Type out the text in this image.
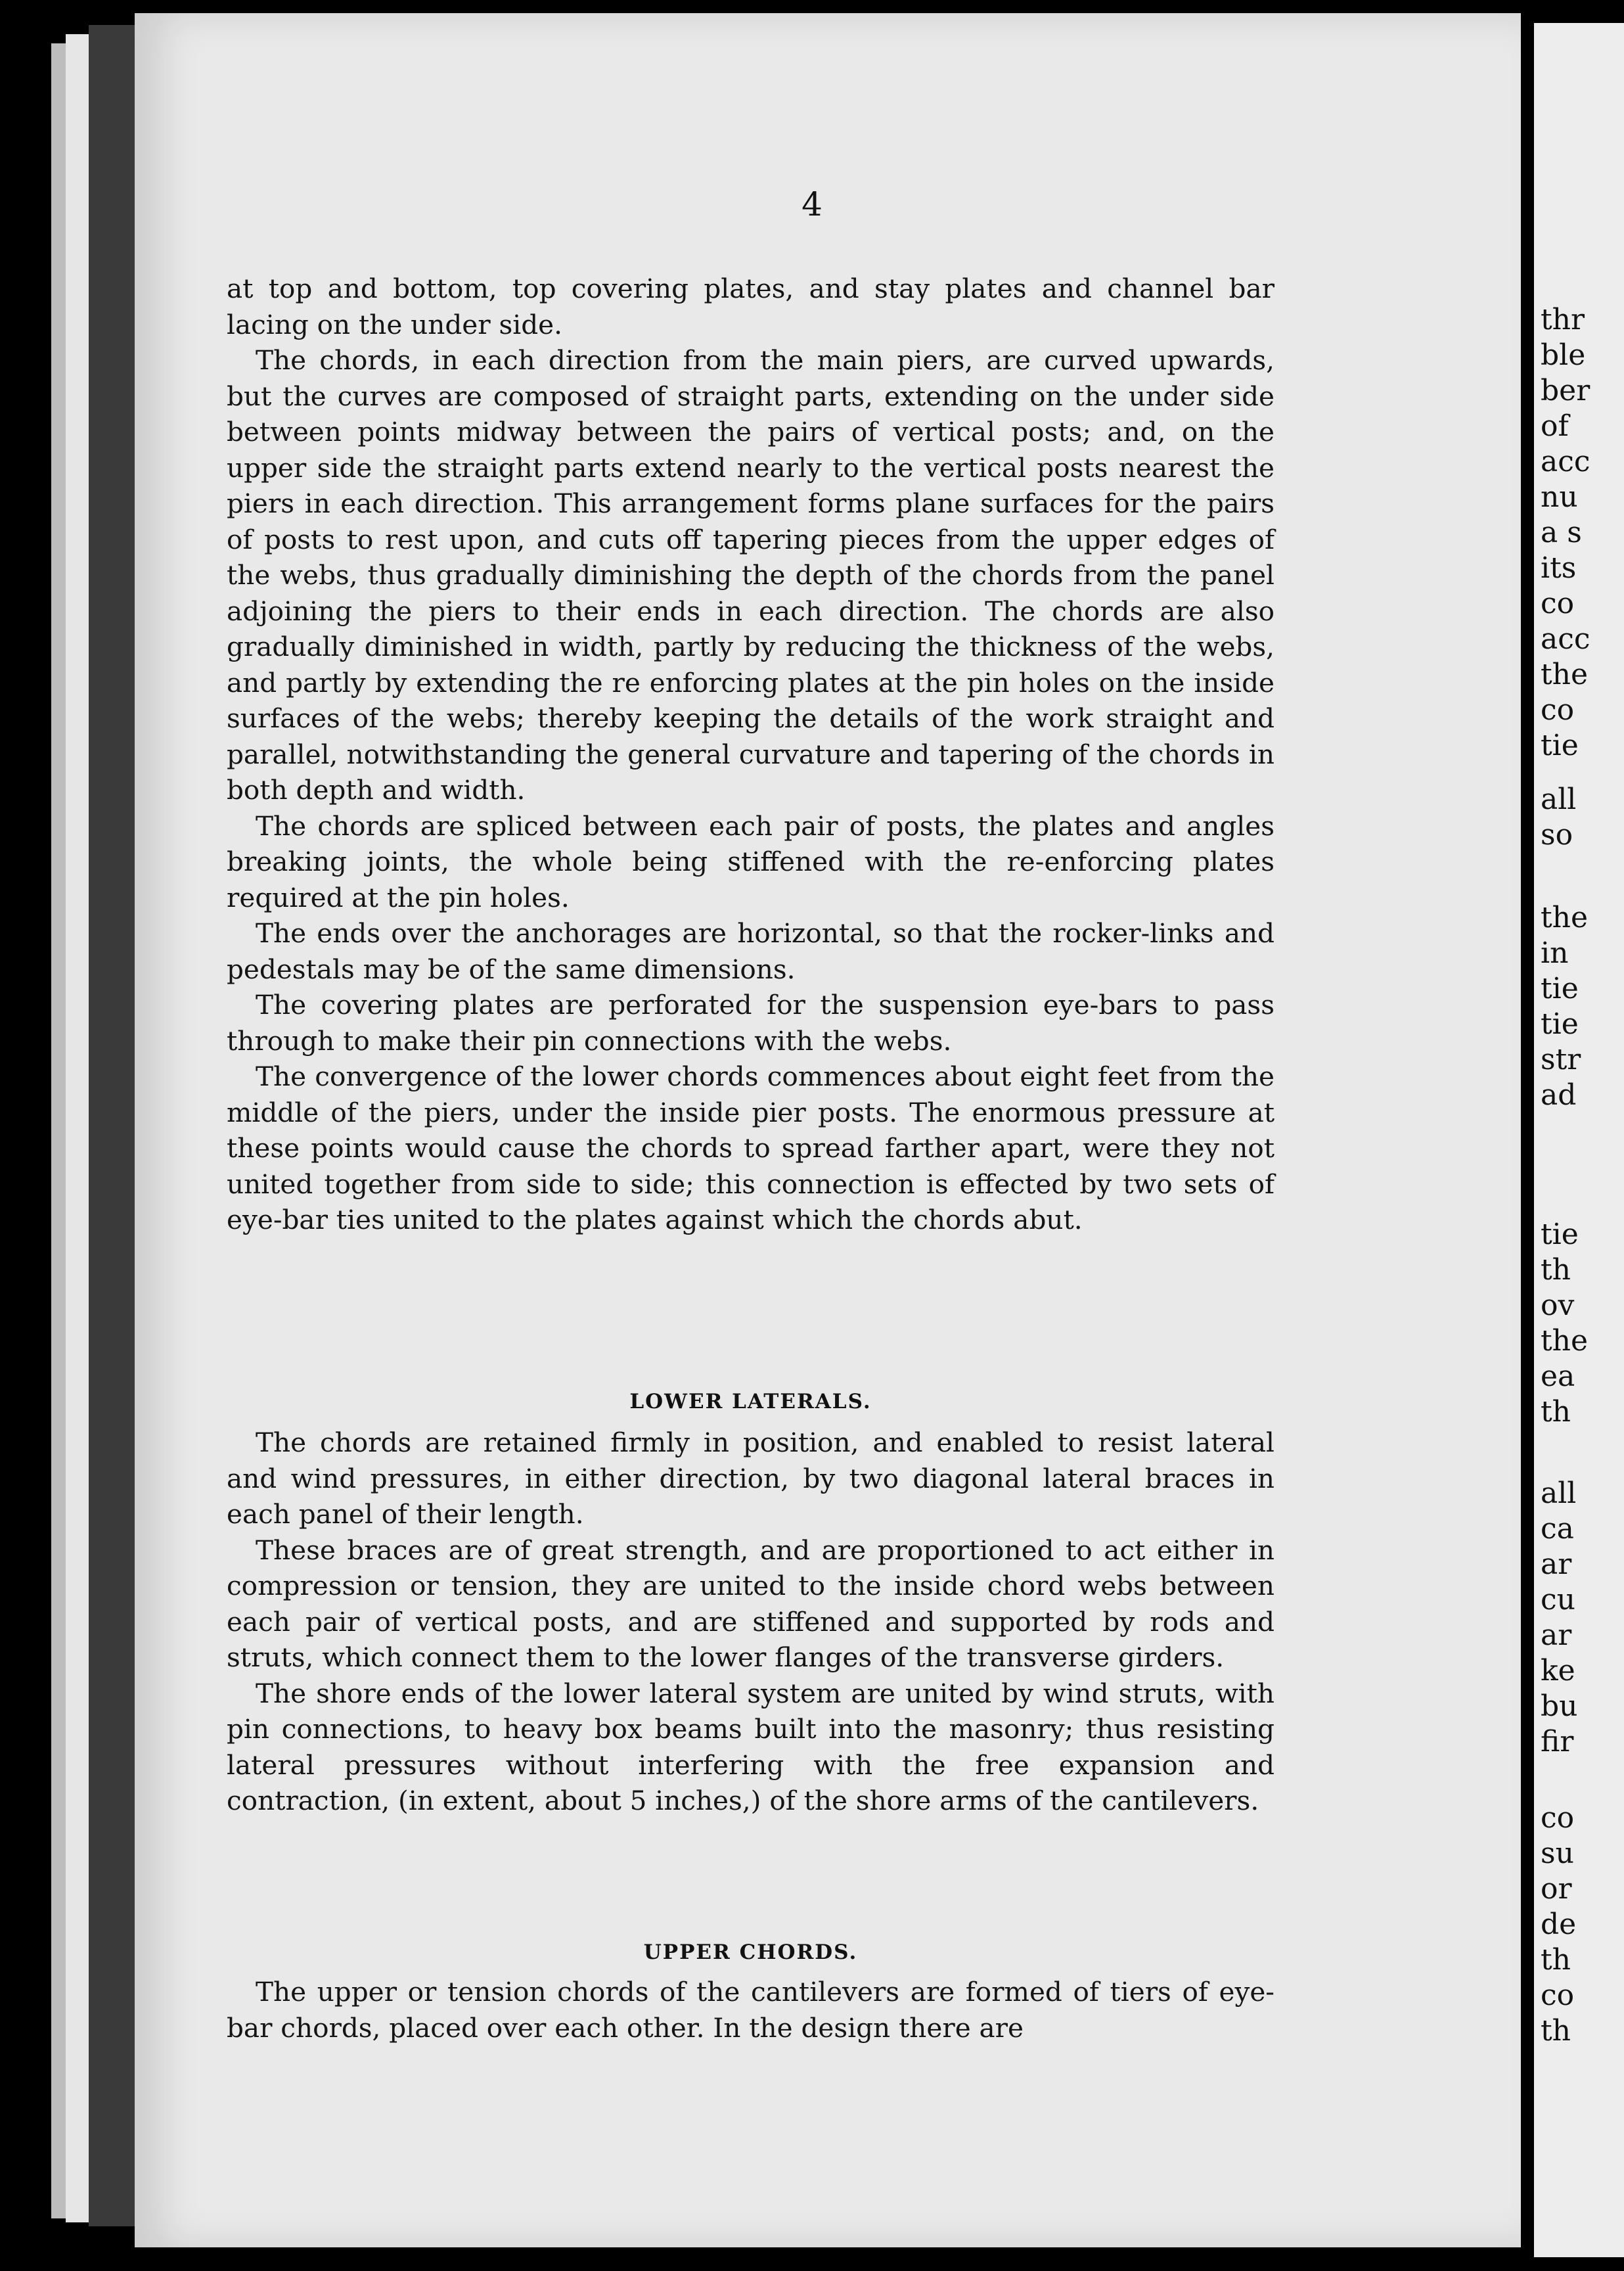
thr
ble
ber
of
acc
nu
a s
its
co
acc
the
co
tie
all
so
the
in
tie
tie
str
ad
tie
th
ov
the
ea
th
all
ca
ar
cu
ar
ke
bu
fir
co
su
or
de
th
co
th
4

at top and bottom, top covering plates, and stay plates and channel bar lacing on the under side.

The chords, in each direction from the main piers, are curved upwards, but the curves are composed of straight parts, extending on the under side between points midway between the pairs of vertical posts; and, on the upper side the straight parts extend nearly to the vertical posts nearest the piers in each direction. This arrangement forms plane surfaces for the pairs of posts to rest upon, and cuts off tapering pieces from the upper edges of the webs, thus gradually diminishing the depth of the chords from the panel adjoining the piers to their ends in each direction. The chords are also gradually diminished in width, partly by reducing the thickness of the webs, and partly by extending the re enforcing plates at the pin holes on the inside surfaces of the webs; thereby keeping the details of the work straight and parallel, notwithstanding the general curvature and tapering of the chords in both depth and width.

The chords are spliced between each pair of posts, the plates and angles breaking joints, the whole being stiffened with the re-enforcing plates required at the pin holes.

The ends over the anchorages are horizontal, so that the rocker-links and pedestals may be of the same dimensions.

The covering plates are perforated for the suspension eye-bars to pass through to make their pin connections with the webs.

The convergence of the lower chords commences about eight feet from the middle of the piers, under the inside pier posts. The enormous pressure at these points would cause the chords to spread farther apart, were they not united together from side to side; this connection is effected by two sets of eye-bar ties united to the plates against which the chords abut.

LOWER LATERALS.

The chords are retained firmly in position, and enabled to resist lateral and wind pressures, in either direction, by two diagonal lateral braces in each panel of their length.

These braces are of great strength, and are proportioned to act either in compression or tension, they are united to the inside chord webs between each pair of vertical posts, and are stiffened and supported by rods and struts, which connect them to the lower flanges of the transverse girders.

The shore ends of the lower lateral system are united by wind struts, with pin connections, to heavy box beams built into the masonry; thus resisting lateral pressures without interfering with the free expansion and contraction, (in extent, about 5 inches,) of the shore arms of the cantilevers.

UPPER CHORDS.

The upper or tension chords of the cantilevers are formed of tiers of eye-bar chords, placed over each other. In the design there are
